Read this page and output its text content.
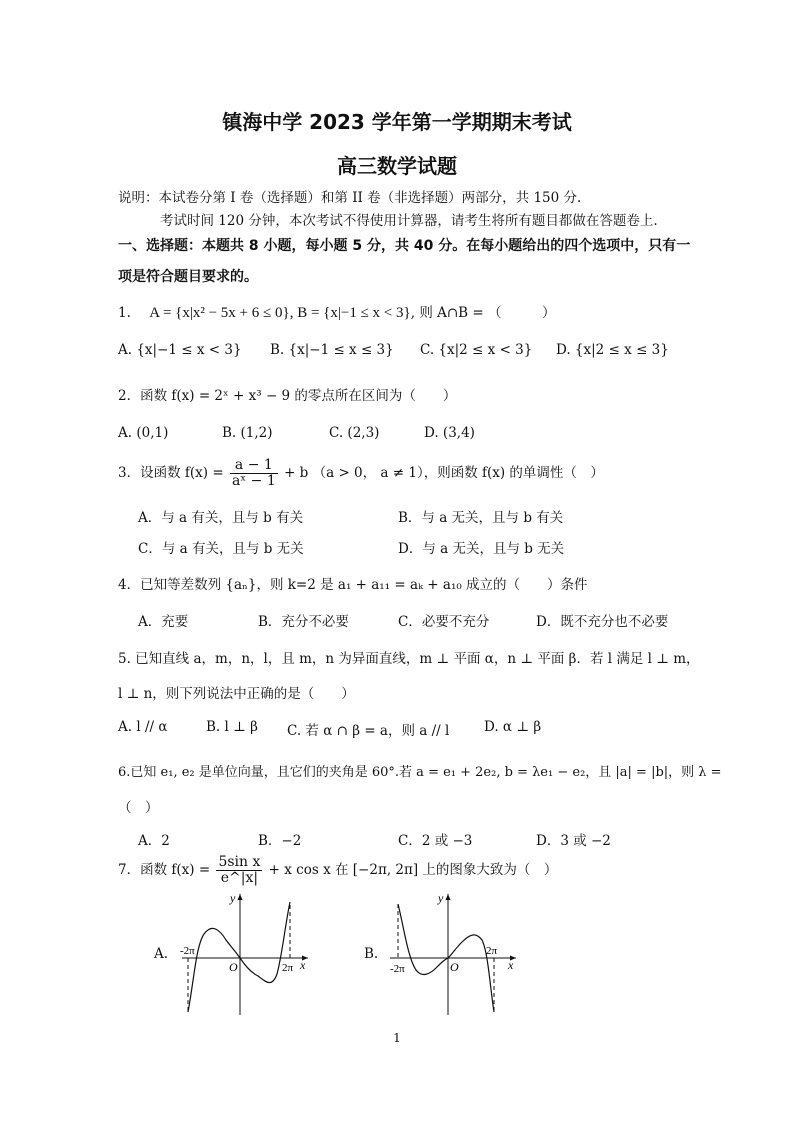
镇海中学 2023 学年第一学期期末考试
高三数学试题
说明：本试卷分第 I 卷（选择题）和第 II 卷（非选择题）两部分，共 150 分.
考试时间 120 分钟，本次考试不得使用计算器，请考生将所有题目都做在答题卷上.
一、选择题：本题共 8 小题，每小题 5 分，共 40 分。在每小题给出的四个选项中，只有一
项是符合题目要求的。
1. A = {x|x² − 5x + 6 ≤ 0}, B = {x|−1 ≤ x < 3}, 则 A∩B = （　　　）
A. {x|−1 ≤ x < 3} B. {x|−1 ≤ x ≤ 3} C. {x|2 ≤ x < 3} D. {x|2 ≤ x ≤ 3}
2．函数 f(x) = 2ˣ + x³ − 9 的零点所在区间为（　　）
A. (0,1)	B. (1,2)	C. (2,3)	D. (3,4)
3．设函数 $f(x) = \frac{a - 1}{\text{aˣ − 1}} + b$ （a > 0， a ≠ 1），则函数 f(x) 的单调性（　）
A．与 a 有关，且与 b 有关	B．与 a 无关，且与 b 有关
C．与 a 有关，且与 b 无关	D．与 a 无关，且与 b 无关
4．已知等差数列 {aₙ}，则 k=2 是 a₁ + a₁₁ = aₖ + a₁₀ 成立的（　　）条件
A．充要	B．充分不必要	C．必要不充分	D．既不充分也不必要
5. 已知直线 a，m，n，l，且 m，n 为异面直线，m ⊥ 平面 α，n ⊥ 平面 β．若 l 满足 l ⊥ m，
l ⊥ n，则下列说法中正确的是（　　）
A. l // α	B. l ⊥ β C. 若 α ∩ β = a，则 a // l	D. α ⊥ β
6.已知 e₁, e₂ 是单位向量，且它们的夹角是 60°.若 a = e₁ + 2e₂, b = λe₁ − e₂，且 |a| = |b|，则 λ =
（　）
A．2	B．−2	C．2 或 −3	D．3 或 −2
7．函数 $f(x) = \frac{\text{5sin x}}{e\^{}|x|} + x$ cos x 在 [−2π, 2π] 上的图象大致为（　）
A.
y
x
O
-2π
2π
B.
y
x
O
-2π
2π
1
